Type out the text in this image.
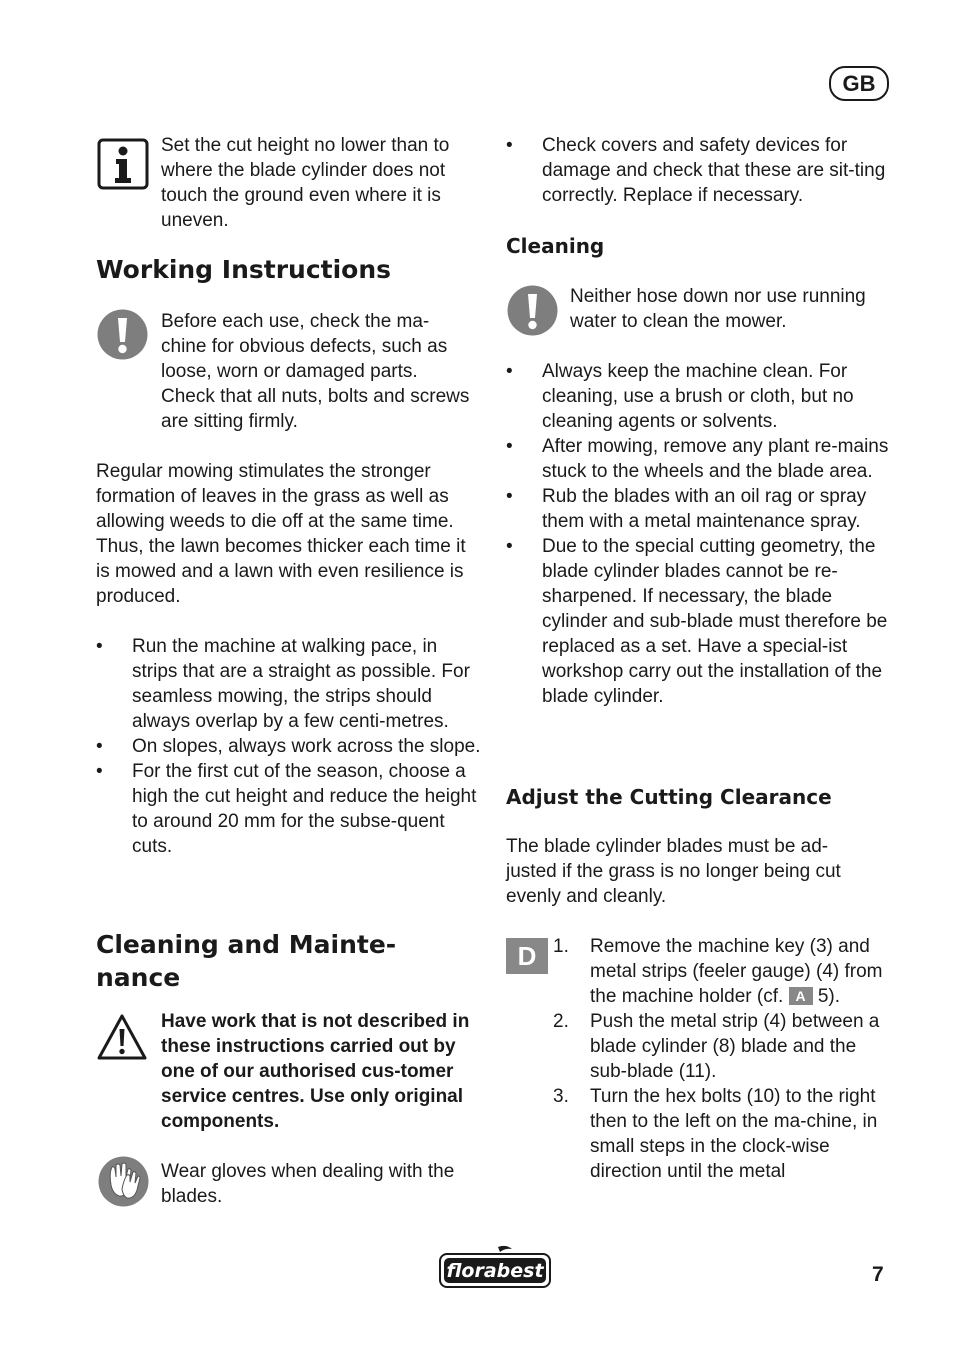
GB
Set the cut height no lower than to where the blade cylinder does not touch the ground even where it is uneven.
Working Instructions
Before each use, check the ma-chine for obvious defects, such as loose, worn or damaged parts. Check that all nuts, bolts and screws are sitting firmly.
Regular mowing stimulates the stronger formation of leaves in the grass as well as allowing weeds to die off at the same time. Thus, the lawn becomes thicker each time it is mowed and a lawn with even resilience is produced.
• Run the machine at walking pace, in strips that are a straight as possible. For seamless mowing, the strips should always overlap by a few centi-metres.
• On slopes, always work across the slope.
• For the first cut of the season, choose a high the cut height and reduce the height to around 20 mm for the subse-quent cuts.
Cleaning and Mainte-
nance
Have work that is not described in these instructions carried out by one of our authorised cus-tomer service centres. Use only original components.
Wear gloves when dealing with the blades.
• Check covers and safety devices for damage and check that these are sit-ting correctly. Replace if necessary.
Cleaning
Neither hose down nor use running water to clean the mower.
• Always keep the machine clean. For cleaning, use a brush or cloth, but no cleaning agents or solvents.
• After mowing, remove any plant re-mains stuck to the wheels and the blade area.
• Rub the blades with an oil rag or spray them with a metal maintenance spray.
• Due to the special cutting geometry, the blade cylinder blades cannot be re-sharpened. If necessary, the blade cylinder and sub-blade must therefore be replaced as a set. Have a special-ist workshop carry out the installation of the blade cylinder.
Adjust the Cutting Clearance
The blade cylinder blades must be ad-justed if the grass is no longer being cut evenly and cleanly.
D 1. Remove the machine key (3) and metal strips (feeler gauge) (4) from the machine holder (cf. A 5).
2. Push the metal strip (4) between a blade cylinder (8) blade and the sub-blade (11).
3. Turn the hex bolts (10) to the right then to the left on the ma-chine, in small steps in the clock-wise direction until the metal
florabest	7
